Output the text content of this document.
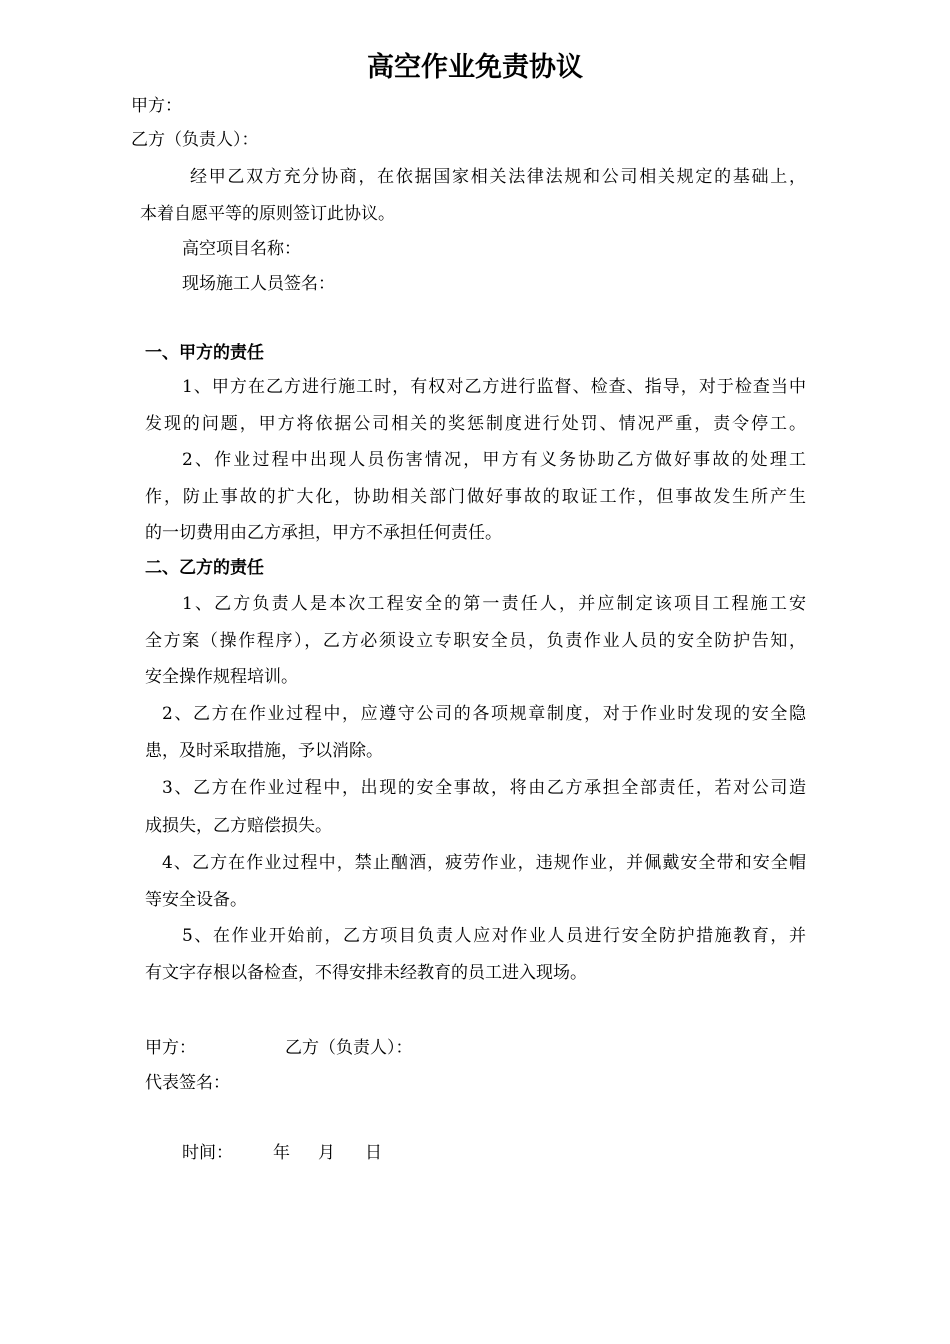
高空作业免责协议
甲方：
乙方（负责人）：
经甲乙双方充分协商，在依据国家相关法律法规和公司相关规定的基础上，
本着自愿平等的原则签订此协议。
高空项目名称：
现场施工人员签名：
一、甲方的责任
1、甲方在乙方进行施工时，有权对乙方进行监督、检查、指导，对于检查当中
发现的问题，甲方将依据公司相关的奖惩制度进行处罚、情况严重，责令停工。
2、作业过程中出现人员伤害情况，甲方有义务协助乙方做好事故的处理工
作，防止事故的扩大化，协助相关部门做好事故的取证工作，但事故发生所产生
的一切费用由乙方承担，甲方不承担任何责任。
二、乙方的责任
1、乙方负责人是本次工程安全的第一责任人，并应制定该项目工程施工安
全方案（操作程序），乙方必须设立专职安全员，负责作业人员的安全防护告知，
安全操作规程培训。
2、乙方在作业过程中，应遵守公司的各项规章制度，对于作业时发现的安全隐
患，及时采取措施，予以消除。
3、乙方在作业过程中，出现的安全事故，将由乙方承担全部责任，若对公司造
成损失，乙方赔偿损失。
4、乙方在作业过程中，禁止酗酒，疲劳作业，违规作业，并佩戴安全带和安全帽
等安全设备。
5、在作业开始前，乙方项目负责人应对作业人员进行安全防护措施教育，并
有文字存根以备检查，不得安排未经教育的员工进入现场。
甲方：	乙方（负责人）：
代表签名：
时间： 年 月 日
